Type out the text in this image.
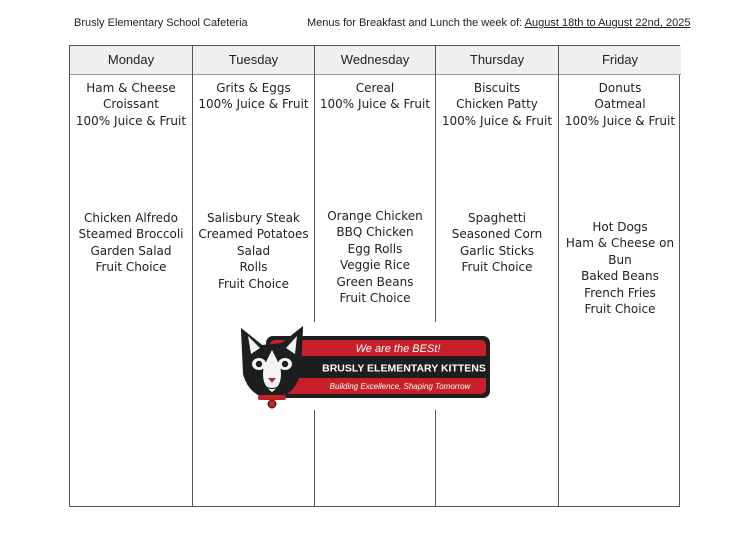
Brusly Elementary School Cafeteria	Menus for Breakfast and Lunch the week of: August 18th to August 22nd, 2025
Monday
Ham & Cheese
Croissant
100% Juice & Fruit
Chicken Alfredo
Steamed Broccoli
Garden Salad
Fruit Choice
Tuesday
Grits & Eggs
100% Juice & Fruit
Salisbury Steak
Creamed Potatoes
Salad
Rolls
Fruit Choice
Wednesday
Cereal
100% Juice & Fruit
Orange Chicken
BBQ Chicken
Egg Rolls
Veggie Rice
Green Beans
Fruit Choice
Thursday
Biscuits
Chicken Patty
100% Juice & Fruit
Spaghetti
Seasoned Corn
Garlic Sticks
Fruit Choice
Friday
Donuts
Oatmeal
100% Juice & Fruit
Hot Dogs
Ham & Cheese on
Bun
Baked Beans
French Fries
Fruit Choice
We are the BESt!
BRUSLY ELEMENTARY KITTENS
Building Excellence, Shaping Tomorrow
